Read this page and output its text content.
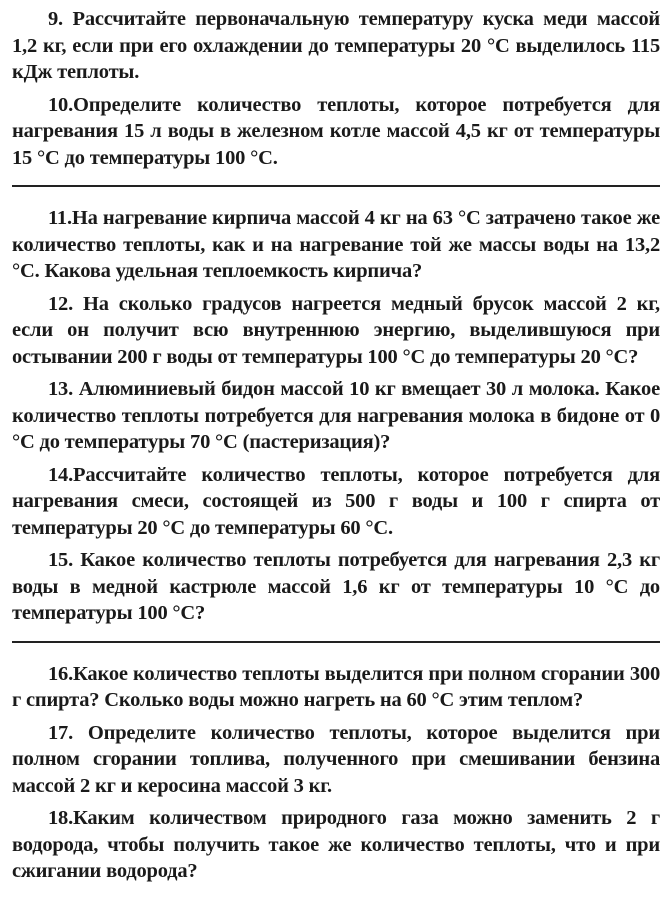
9. Рассчитайте первоначальную температуру куска меди массой 1,2 кг, если при его охлаждении до температуры 20 °С выделилось 115 кДж теплоты.

10.Определите количество теплоты, которое потребуется для нагревания 15 л воды в железном котле массой 4,5 кг от температуры 15 °С до температуры 100 °С.

11.На нагревание кирпича массой 4 кг на 63 °С затрачено такое же количество теплоты, как и на нагревание той же массы воды на 13,2 °С. Какова удельная теплоемкость кирпича?

12. На сколько градусов нагреется медный брусок массой 2 кг, если он получит всю внутреннюю энергию, выделившуюся при остывании 200 г воды от температуры 100 °С до температуры 20 °С?

13. Алюминиевый бидон массой 10 кг вмещает 30 л молока. Какое количество теплоты потребуется для нагревания молока в бидоне от 0 °С до температуры 70 °С (пастеризация)?

14.Рассчитайте количество теплоты, которое потребуется для нагревания смеси, состоящей из 500 г воды и 100 г спирта от температуры 20 °С до температуры 60 °С.

15. Какое количество теплоты потребуется для нагревания 2,3 кг воды в медной кастрюле массой 1,6 кг от температуры 10 °С до температуры 100 °С?

16.Какое количество теплоты выделится при полном сгорании 300 г спирта? Сколько воды можно нагреть на 60 °С этим теплом?

17. Определите количество теплоты, которое выделится при полном сгорании топлива, полученного при смешивании бензина массой 2 кг и керосина массой 3 кг.

18.Каким количеством природного газа можно заменить 2 г водорода, чтобы получить такое же количество теплоты, что и при сжигании водорода?
